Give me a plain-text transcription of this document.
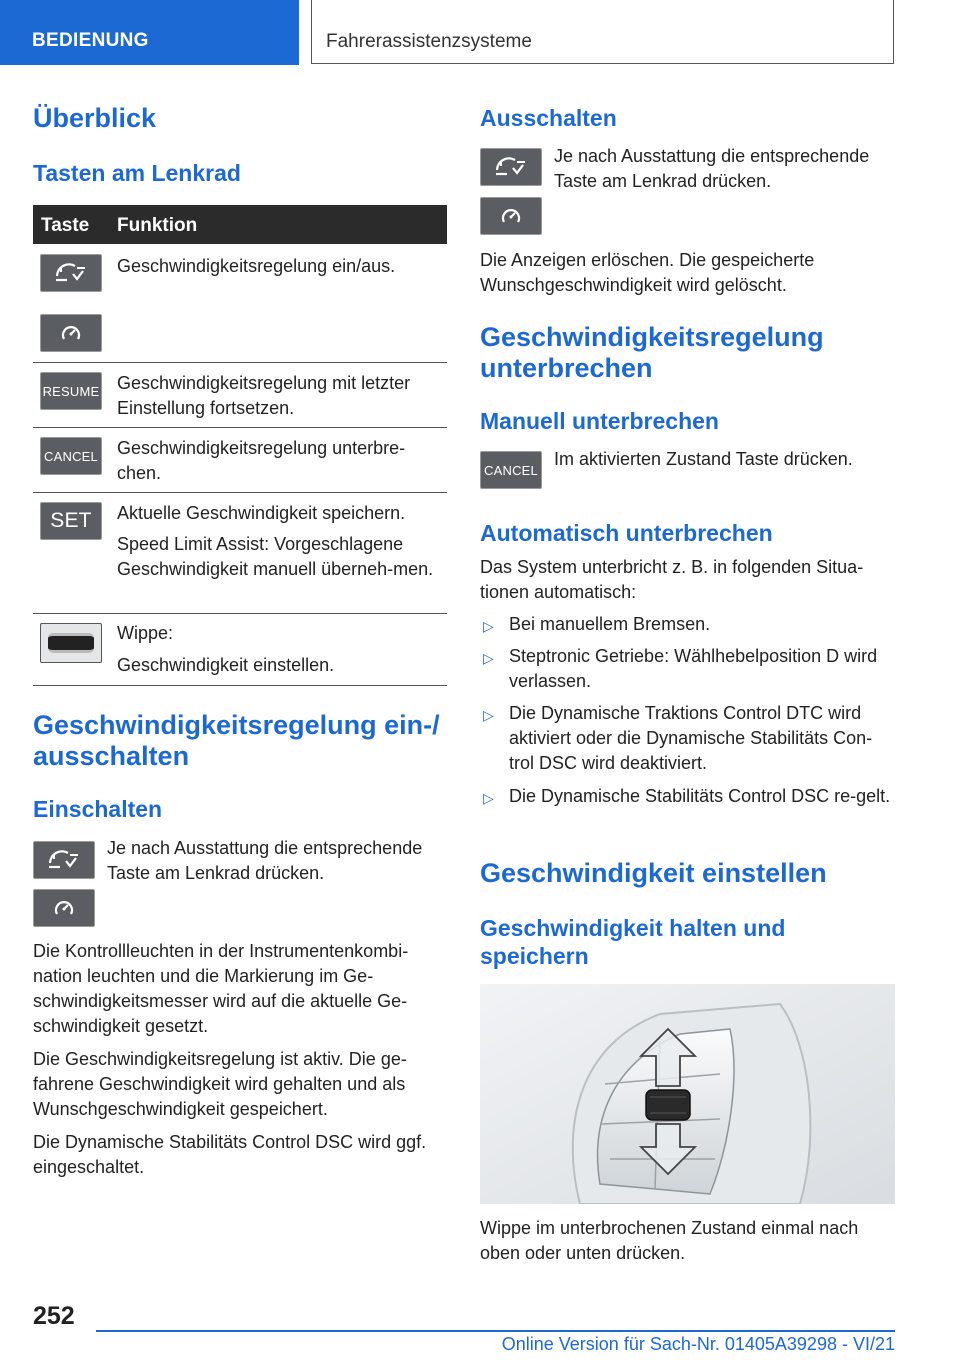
BEDIENUNG	Fahrerassistenzsysteme
Überblick
Tasten am Lenkrad
Taste Funktion
Geschwindigkeitsregelung ein/aus.
RESUME Geschwindigkeitsregelung mit letzter Einstellung fortsetzen.
CANCEL Geschwindigkeitsregelung unterbre-chen.
SET Aktuelle Geschwindigkeit speichern.
Speed Limit Assist: Vorgeschlagene Geschwindigkeit manuell überneh-men.
Wippe:
Geschwindigkeit einstellen.
Geschwindigkeitsregelung ein-/ ausschalten
Einschalten
Je nach Ausstattung die entsprechende Taste am Lenkrad drücken.
Die Kontrollleuchten in der Instrumentenkombi-nation leuchten und die Markierung im Ge-schwindigkeitsmesser wird auf die aktuelle Ge-schwindigkeit gesetzt.
Die Geschwindigkeitsregelung ist aktiv. Die ge-fahrene Geschwindigkeit wird gehalten und als Wunschgeschwindigkeit gespeichert.
Die Dynamische Stabilitäts Control DSC wird ggf. eingeschaltet.
Ausschalten
Je nach Ausstattung die entsprechende Taste am Lenkrad drücken.
Die Anzeigen erlöschen. Die gespeicherte Wunschgeschwindigkeit wird gelöscht.
Geschwindigkeitsregelung unterbrechen
Manuell unterbrechen
CANCEL
Im aktivierten Zustand Taste drücken.
Automatisch unterbrechen
Das System unterbricht z. B. in folgenden Situa-tionen automatisch:
▷ Bei manuellem Bremsen.
▷ Steptronic Getriebe: Wählhebelposition D wird verlassen.
▷ Die Dynamische Traktions Control DTC wird aktiviert oder die Dynamische Stabilitäts Con-trol DSC wird deaktiviert.
▷ Die Dynamische Stabilitäts Control DSC re-gelt.
Geschwindigkeit einstellen
Geschwindigkeit halten und speichern
Wippe im unterbrochenen Zustand einmal nach oben oder unten drücken.
252
Online Version für Sach-Nr. 01405A39298 - VI/21
